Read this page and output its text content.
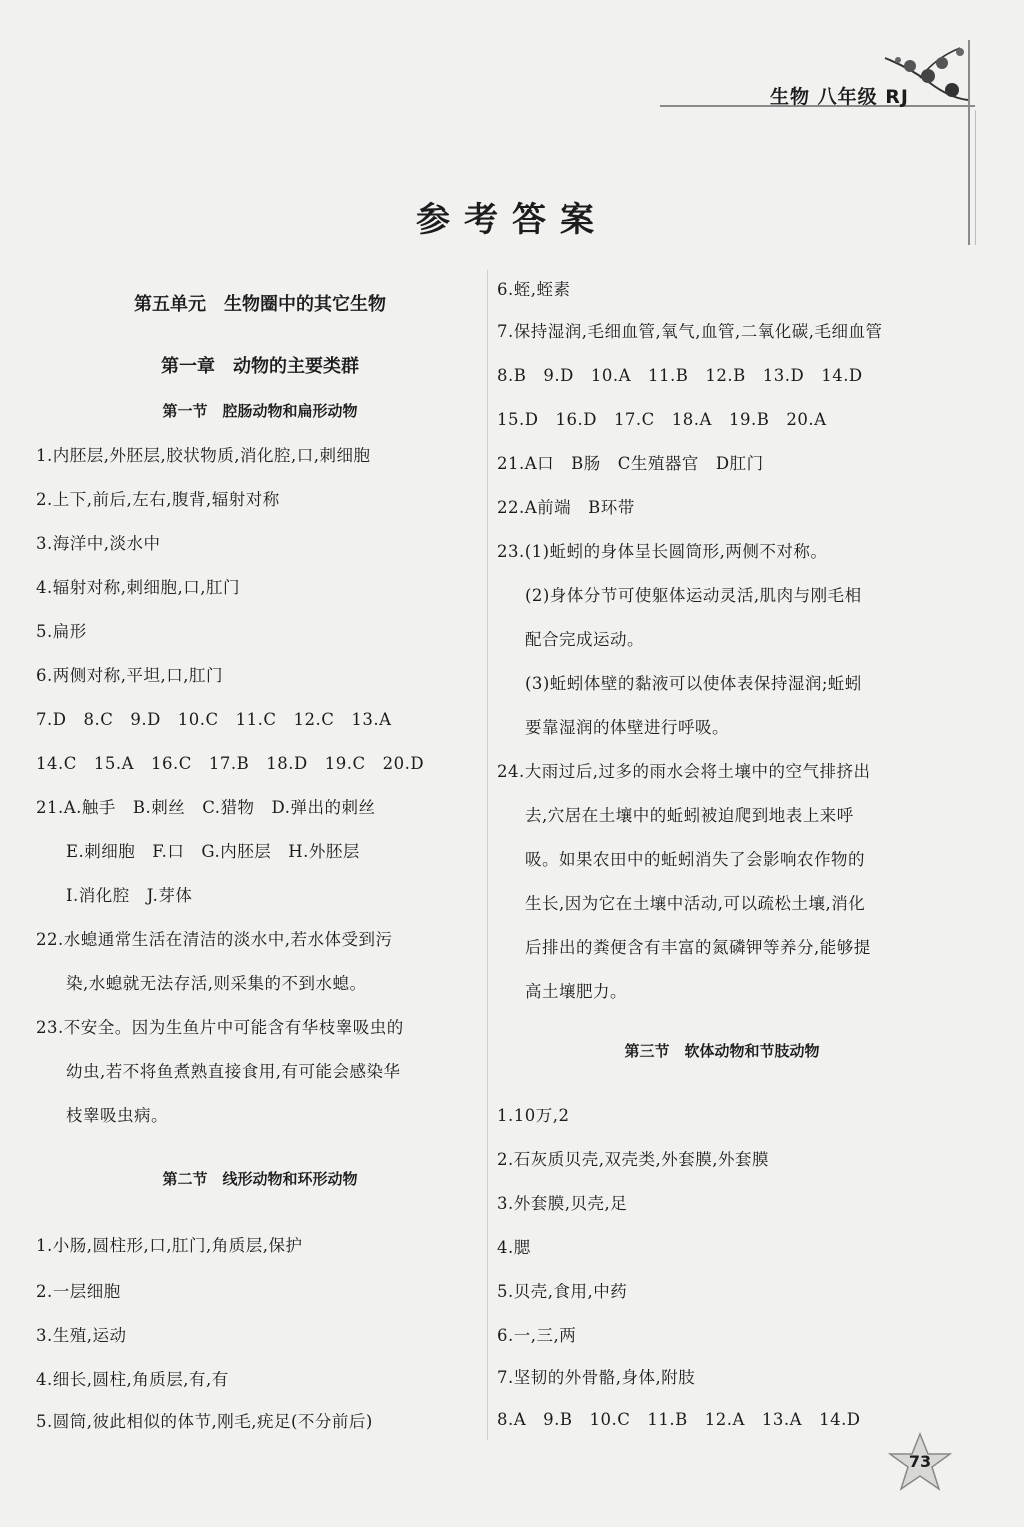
生物 八年级 RJ
参考答案
第五单元　生物圈中的其它生物
第一章　动物的主要类群
第一节　腔肠动物和扁形动物
1.内胚层,外胚层,胶状物质,消化腔,口,刺细胞
2.上下,前后,左右,腹背,辐射对称
3.海洋中,淡水中
4.辐射对称,刺细胞,口,肛门
5.扁形
6.两侧对称,平坦,口,肛门
7.D　8.C　9.D　10.C　11.C　12.C　13.A
14.C　15.A　16.C　17.B　18.D　19.C　20.D
21.A.触手　B.刺丝　C.猎物　D.弹出的刺丝
E.刺细胞　F.口　G.内胚层　H.外胚层
I.消化腔　J.芽体
22.水螅通常生活在清洁的淡水中,若水体受到污
染,水螅就无法存活,则采集的不到水螅。
23.不安全。因为生鱼片中可能含有华枝睾吸虫的
幼虫,若不将鱼煮熟直接食用,有可能会感染华
枝睾吸虫病。
第二节　线形动物和环形动物
1.小肠,圆柱形,口,肛门,角质层,保护
2.一层细胞
3.生殖,运动
4.细长,圆柱,角质层,有,有
5.圆筒,彼此相似的体节,刚毛,疣足(不分前后)
6.蛭,蛭素
7.保持湿润,毛细血管,氧气,血管,二氧化碳,毛细血管
8.B　9.D　10.A　11.B　12.B　13.D　14.D
15.D　16.D　17.C　18.A　19.B　20.A
21.A口　B肠　C生殖器官　D肛门
22.A前端　B环带
23.(1)蚯蚓的身体呈长圆筒形,两侧不对称。
(2)身体分节可使躯体运动灵活,肌肉与刚毛相
配合完成运动。
(3)蚯蚓体壁的黏液可以使体表保持湿润;蚯蚓
要靠湿润的体壁进行呼吸。
24.大雨过后,过多的雨水会将土壤中的空气排挤出
去,穴居在土壤中的蚯蚓被迫爬到地表上来呼
吸。如果农田中的蚯蚓消失了会影响农作物的
生长,因为它在土壤中活动,可以疏松土壤,消化
后排出的粪便含有丰富的氮磷钾等养分,能够提
高土壤肥力。
第三节　软体动物和节肢动物
1.10万,2
2.石灰质贝壳,双壳类,外套膜,外套膜
3.外套膜,贝壳,足
4.腮
5.贝壳,食用,中药
6.一,三,两
7.坚韧的外骨骼,身体,附肢
8.A　9.B　10.C　11.B　12.A　13.A　14.D
73
